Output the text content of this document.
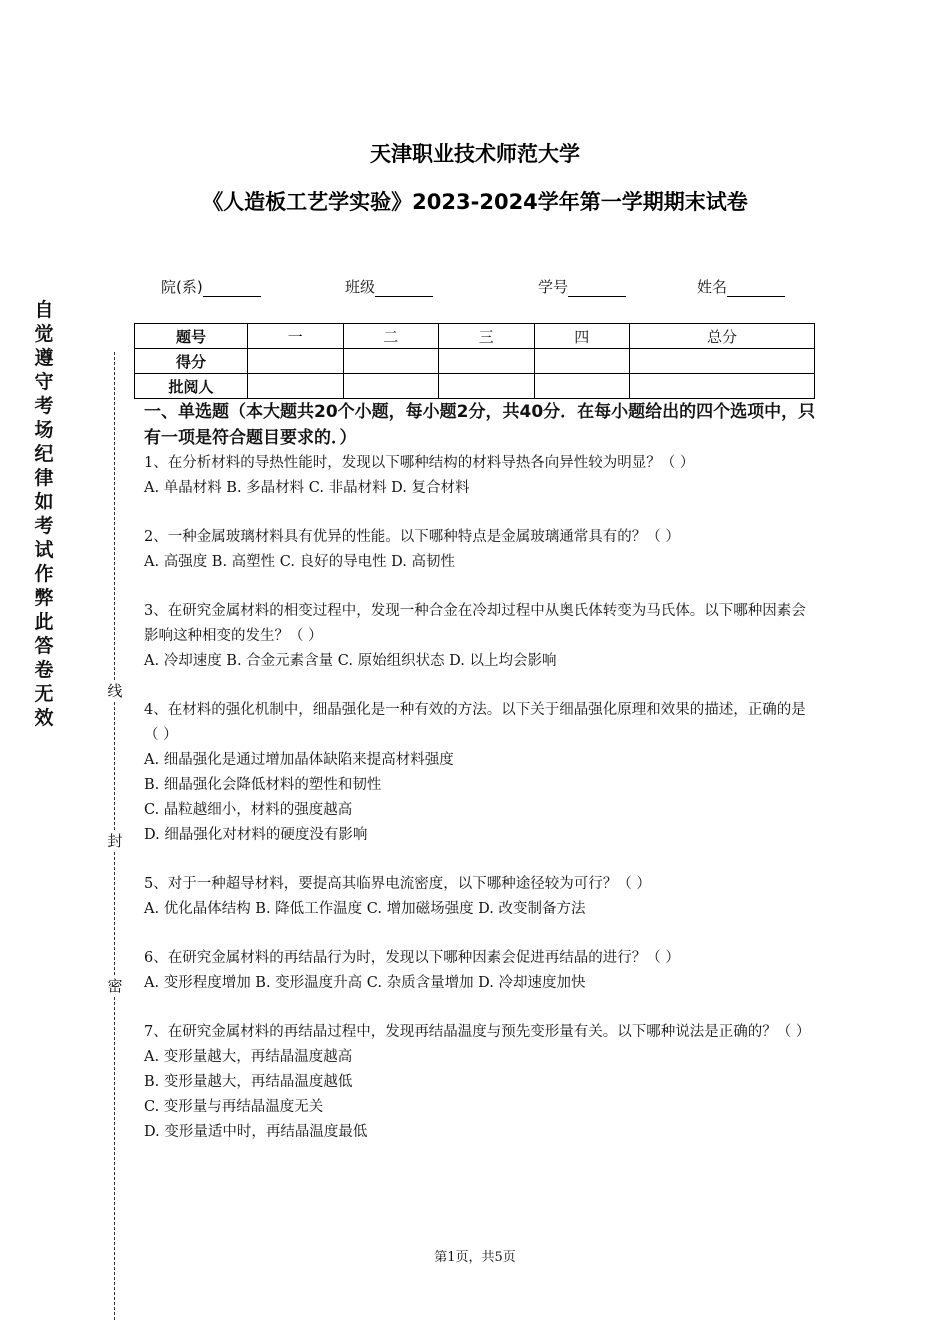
天津职业技术师范大学
《人造板工艺学实验》2023-2024学年第一学期期末试卷
院(系)	班级	学号	姓名
自觉遵守考场纪律如考试作弊此答卷无效
线
封
密
题号	一	二	三	四	总分
得分					
批阅人					

一、单选题（本大题共20个小题，每小题2分，共40分．在每小题给出的四个选项中，只有一项是符合题目要求的．）

1、在分析材料的导热性能时，发现以下哪种结构的材料导热各向异性较为明显？（ ）
A. 单晶材料 B. 多晶材料 C. 非晶材料 D. 复合材料
2、一种金属玻璃材料具有优异的性能。以下哪种特点是金属玻璃通常具有的？（ ）
A. 高强度 B. 高塑性 C. 良好的导电性 D. 高韧性
3、在研究金属材料的相变过程中，发现一种合金在冷却过程中从奥氏体转变为马氏体。以下哪种因素会影响这种相变的发生？（ ）
A. 冷却速度 B. 合金元素含量 C. 原始组织状态 D. 以上均会影响
4、在材料的强化机制中，细晶强化是一种有效的方法。以下关于细晶强化原理和效果的描述，正确的是（ ）
A. 细晶强化是通过增加晶体缺陷来提高材料强度
B. 细晶强化会降低材料的塑性和韧性
C. 晶粒越细小，材料的强度越高
D. 细晶强化对材料的硬度没有影响
5、对于一种超导材料，要提高其临界电流密度，以下哪种途径较为可行？（ ）
A. 优化晶体结构 B. 降低工作温度 C. 增加磁场强度 D. 改变制备方法
6、在研究金属材料的再结晶行为时，发现以下哪种因素会促进再结晶的进行？（ ）
A. 变形程度增加 B. 变形温度升高 C. 杂质含量增加 D. 冷却速度加快
7、在研究金属材料的再结晶过程中，发现再结晶温度与预先变形量有关。以下哪种说法是正确的？（ ）
A. 变形量越大，再结晶温度越高
B. 变形量越大，再结晶温度越低
C. 变形量与再结晶温度无关
D. 变形量适中时，再结晶温度最低
第1页，共5页
